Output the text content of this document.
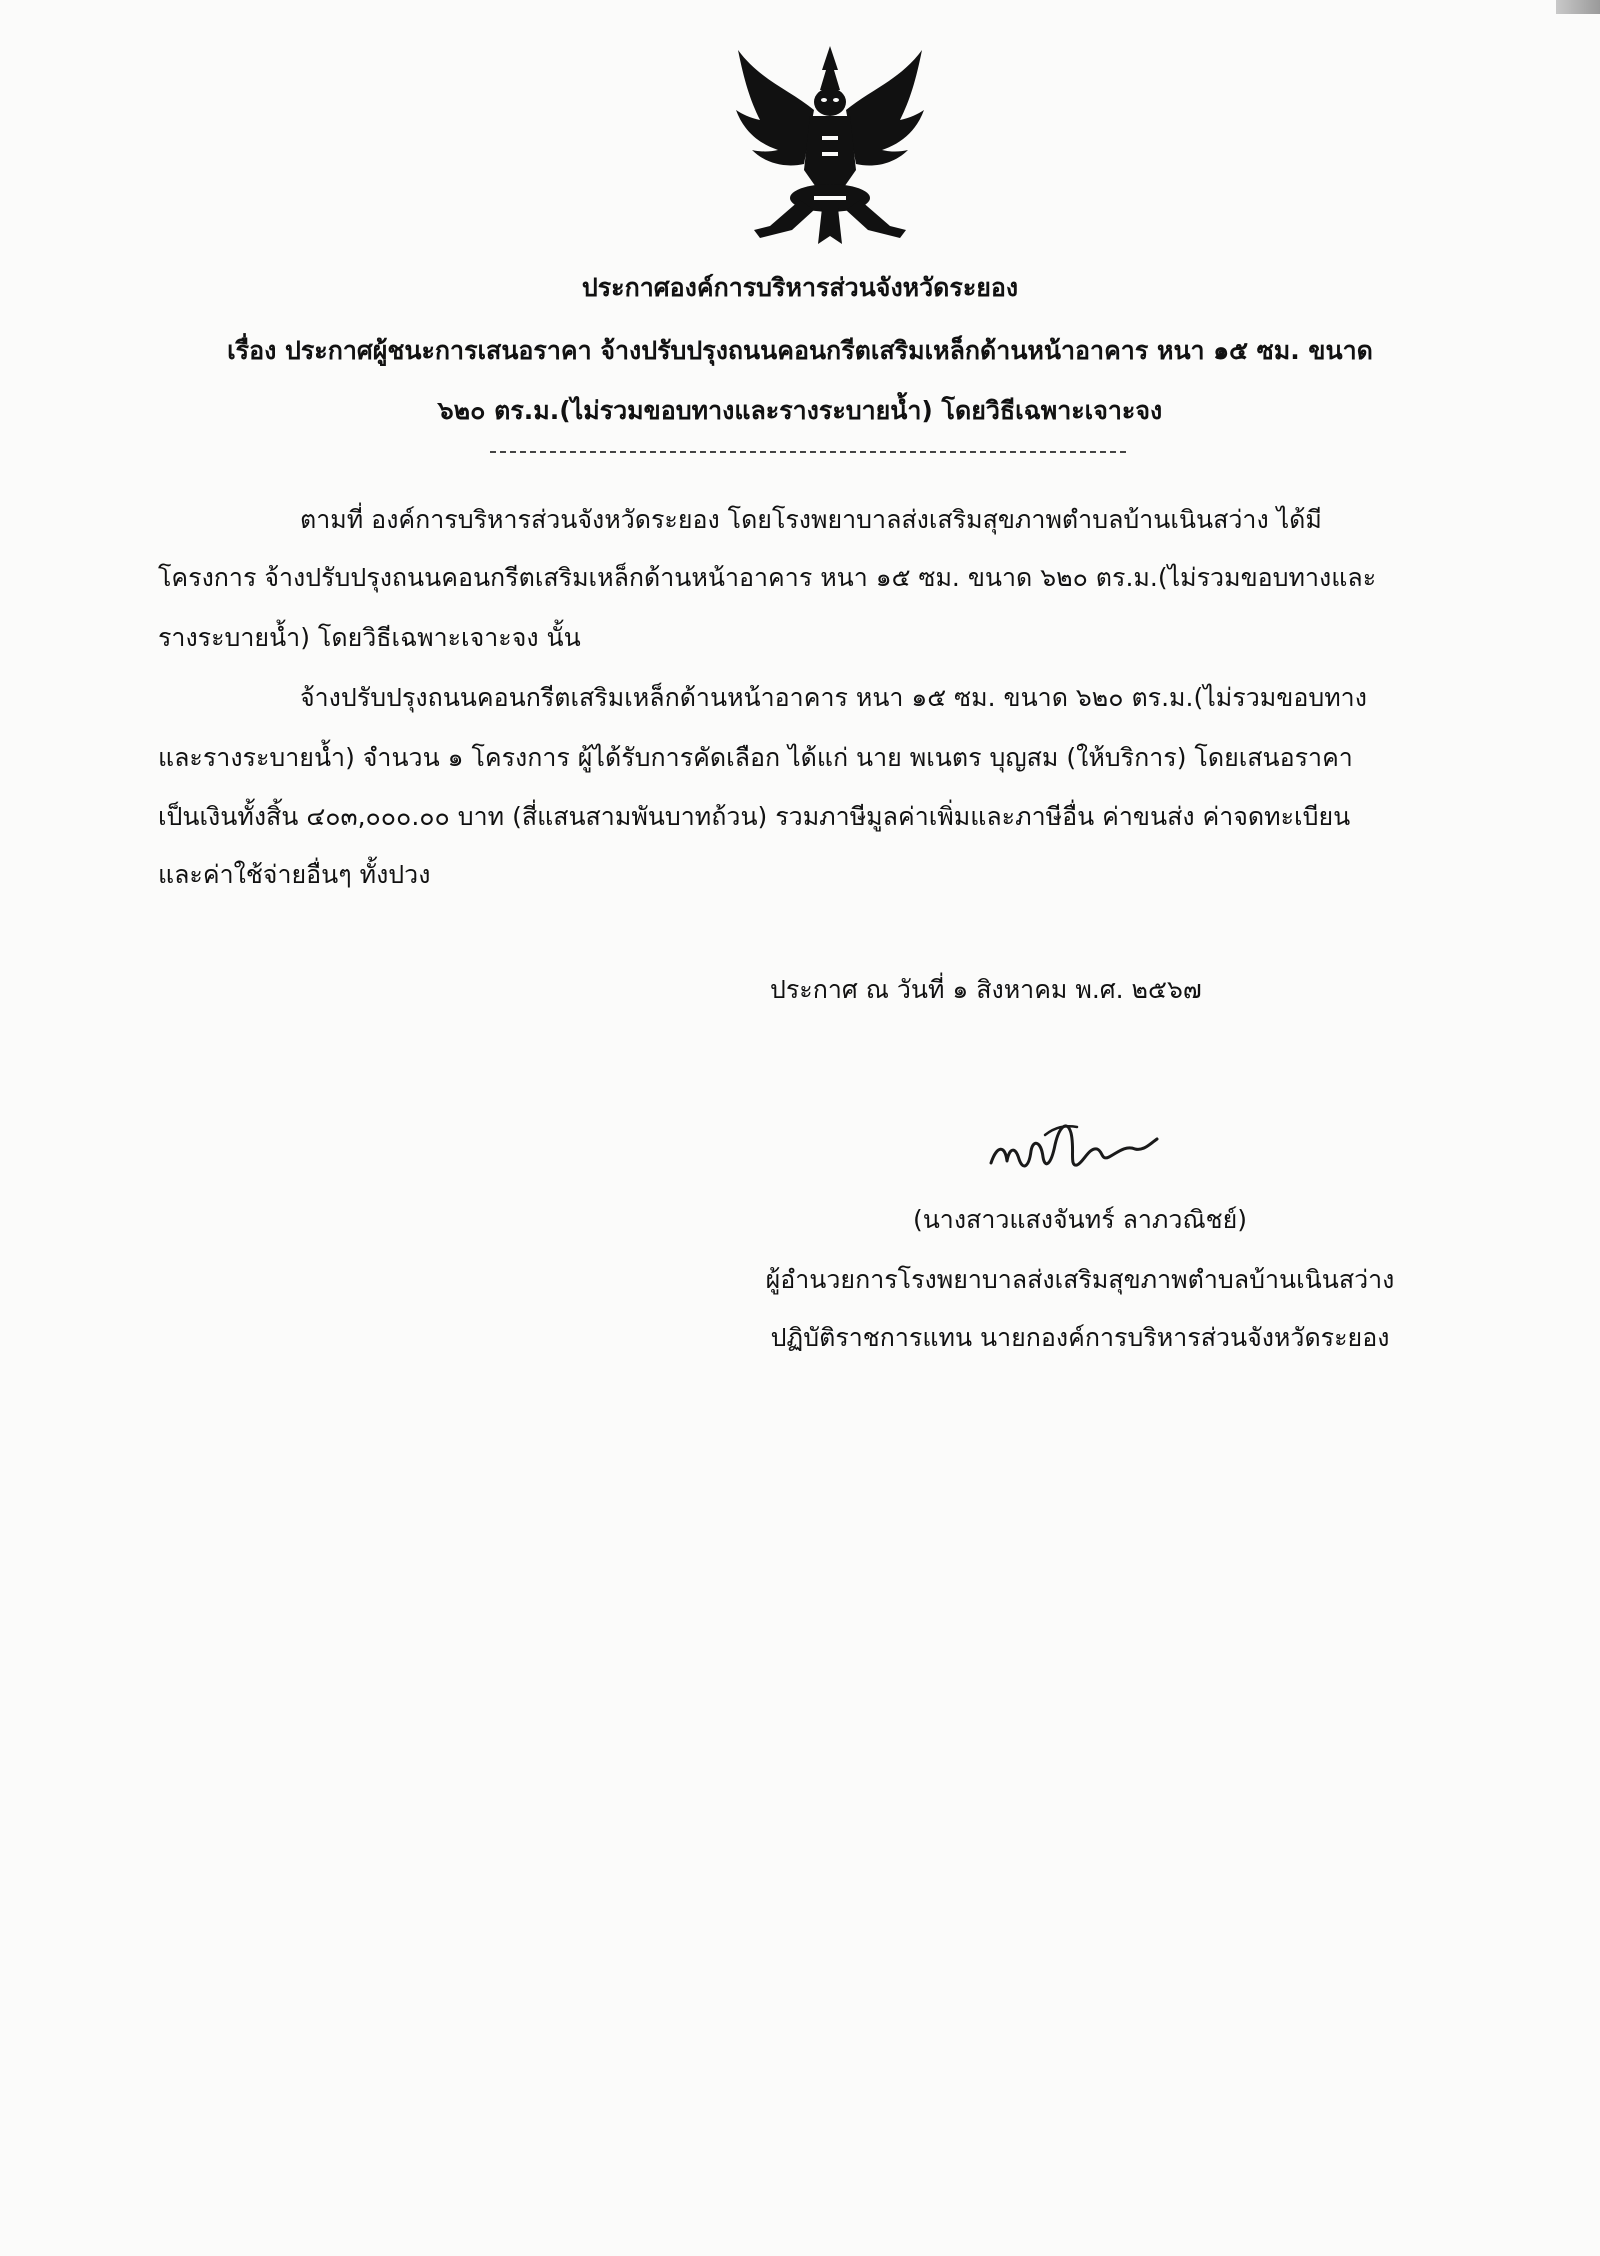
ประกาศองค์การบริหารส่วนจังหวัดระยอง
เรื่อง ประกาศผู้ชนะการเสนอราคา จ้างปรับปรุงถนนคอนกรีตเสริมเหล็กด้านหน้าอาคาร หนา ๑๕ ซม. ขนาด
๖๒๐ ตร.ม.(ไม่รวมขอบทางและรางระบายน้ำ) โดยวิธีเฉพาะเจาะจง
ตามที่ องค์การบริหารส่วนจังหวัดระยอง โดยโรงพยาบาลส่งเสริมสุขภาพตำบลบ้านเนินสว่าง ได้มี
โครงการ จ้างปรับปรุงถนนคอนกรีตเสริมเหล็กด้านหน้าอาคาร หนา ๑๕ ซม. ขนาด ๖๒๐ ตร.ม.(ไม่รวมขอบทางและ
รางระบายน้ำ) โดยวิธีเฉพาะเจาะจง นั้น
จ้างปรับปรุงถนนคอนกรีตเสริมเหล็กด้านหน้าอาคาร หนา ๑๕ ซม. ขนาด ๖๒๐ ตร.ม.(ไม่รวมขอบทาง
และรางระบายน้ำ) จำนวน ๑ โครงการ ผู้ได้รับการคัดเลือก ได้แก่ นาย พเนตร บุญสม (ให้บริการ) โดยเสนอราคา
เป็นเงินทั้งสิ้น ๔๐๓,๐๐๐.๐๐ บาท (สี่แสนสามพันบาทถ้วน) รวมภาษีมูลค่าเพิ่มและภาษีอื่น ค่าขนส่ง ค่าจดทะเบียน
และค่าใช้จ่ายอื่นๆ ทั้งปวง
ประกาศ ณ วันที่ ๑ สิงหาคม พ.ศ. ๒๕๖๗
(นางสาวแสงจันทร์ ลาภวณิชย์)
ผู้อำนวยการโรงพยาบาลส่งเสริมสุขภาพตำบลบ้านเนินสว่าง
ปฏิบัติราชการแทน นายกองค์การบริหารส่วนจังหวัดระยอง
